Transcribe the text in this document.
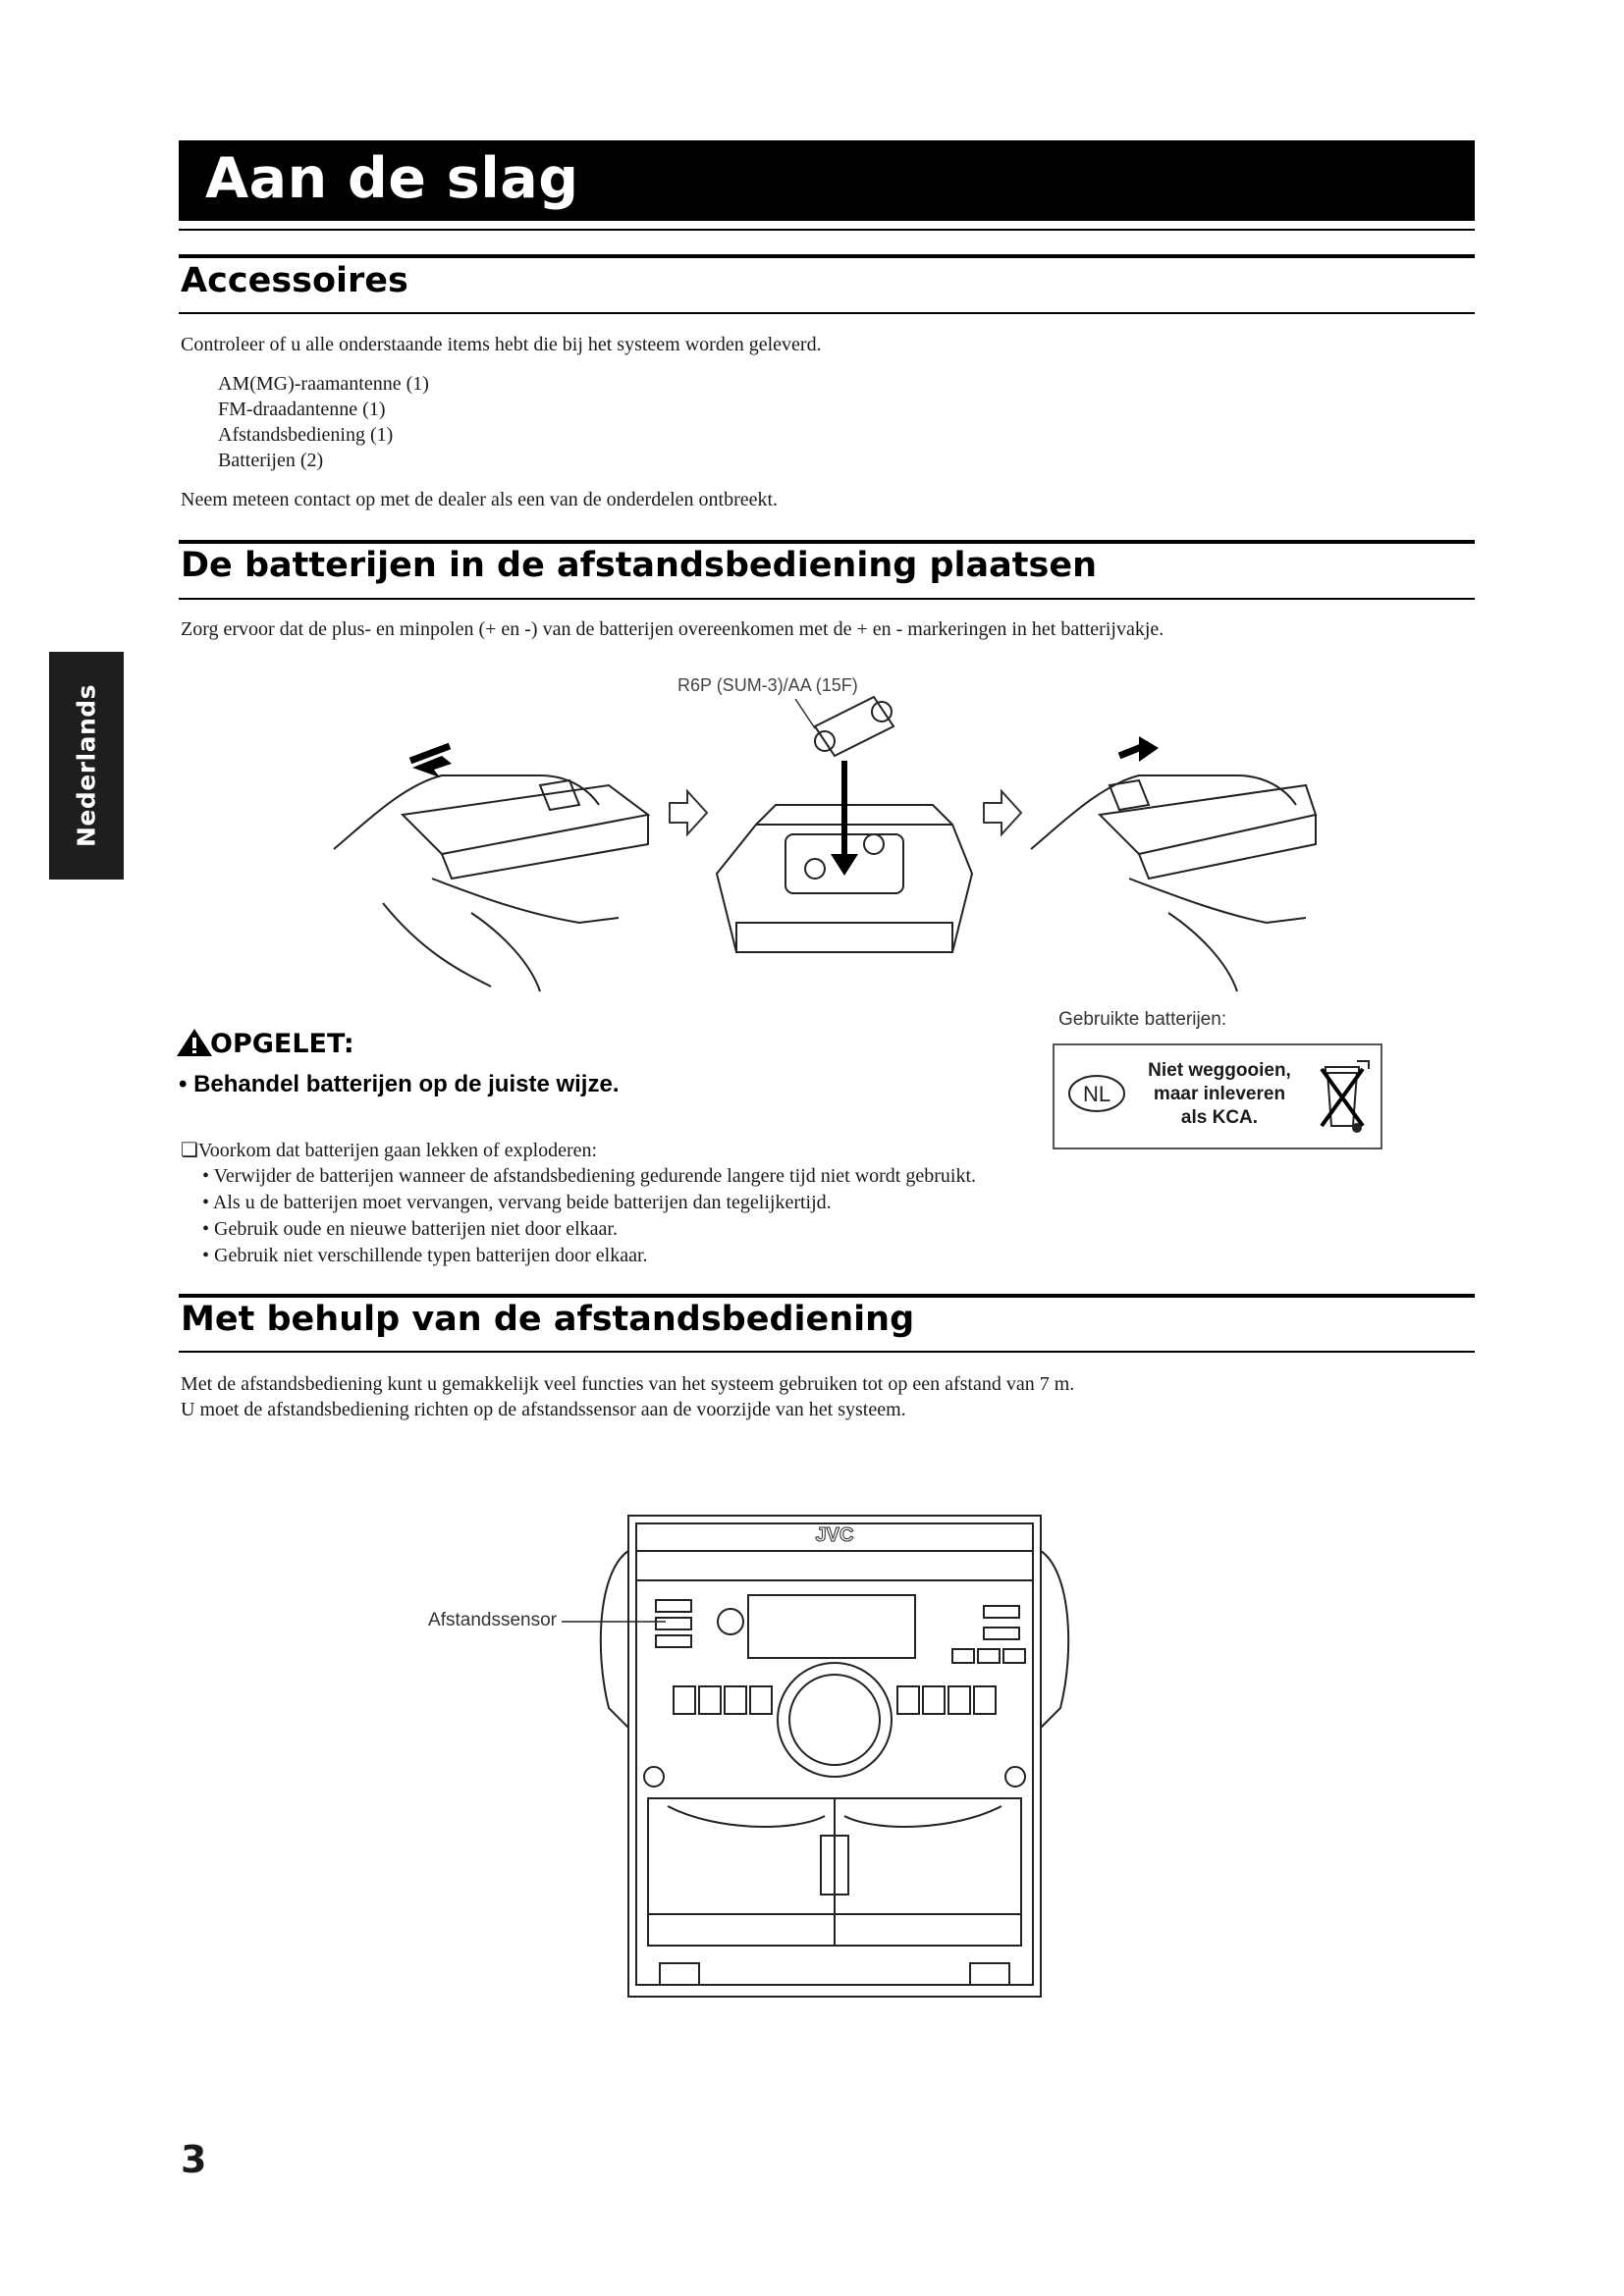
Aan de slag
Nederlands
Accessoires

Controleer of u alle onderstaande items hebt die bij het systeem worden geleverd.

AM(MG)-raamantenne (1)
FM-draadantenne (1)
Afstandsbediening (1)
Batterijen (2)

Neem meteen contact op met de dealer als een van de onderdelen ontbreekt.

De batterijen in de afstandsbediening plaatsen

Zorg ervoor dat de plus- en minpolen (+ en -) van de batterijen overeenkomen met de + en - markeringen in het batterijvakje.

R6P (SUM-3)/AA (15F)

OPGELET:

• Behandel batterijen op de juiste wijze.

Gebruikte batterijen:

NL
Niet weggooien,
maar inleveren
als KCA.

❏Voorkom dat batterijen gaan lekken of exploderen:

• Verwijder de batterijen wanneer de afstandsbediening gedurende langere tijd niet wordt gebruikt.
• Als u de batterijen moet vervangen, vervang beide batterijen dan tegelijkertijd.
• Gebruik oude en nieuwe batterijen niet door elkaar.
• Gebruik niet verschillende typen batterijen door elkaar.
Met behulp van de afstandsbediening

Met de afstandsbediening kunt u gemakkelijk veel functies van het systeem gebruiken tot op een afstand van 7 m.

U moet de afstandsbediening richten op de afstandssensor aan de voorzijde van het systeem.

Afstandssensor
JVC

3
